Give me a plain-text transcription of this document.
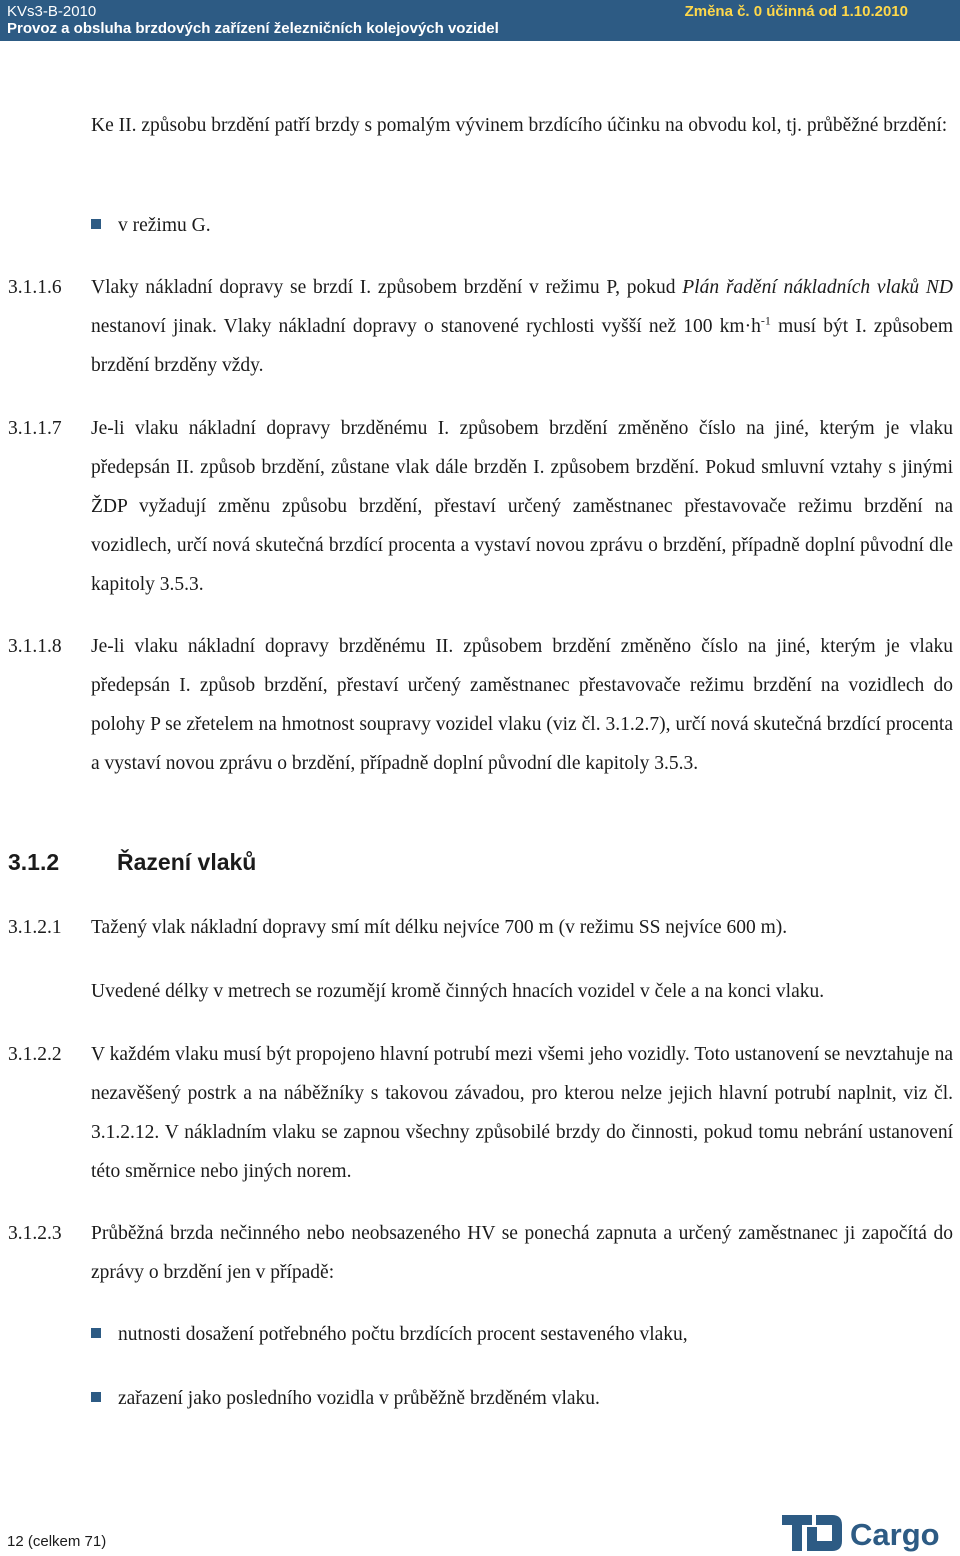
KVs3-B-2010
Provoz a obsluha brzdových zařízení železničních kolejových vozidel
Změna č. 0 účinná od 1.10.2010
Ke II. způsobu brzdění patří brzdy s pomalým vývinem brzdícího účinku na obvodu kol, tj. průběžné brzdění:
v režimu G.
3.1.1.6 Vlaky nákladní dopravy se brzdí I. způsobem brzdění v režimu P, pokud Plán řadění nákladních vlaků ND nestanoví jinak. Vlaky nákladní dopravy o stanovené rychlosti vyšší než 100 $km\cdot h^{-1}$ musí být I. způsobem brzdění brzděny vždy.
3.1.1.7 Je-li vlaku nákladní dopravy brzděnému I. způsobem brzdění změněno číslo na jiné, kterým je vlaku předepsán II. způsob brzdění, zůstane vlak dále brzděn I. způsobem brzdění. Pokud smluvní vztahy s jinými ŽDP vyžadují změnu způsobu brzdění, přestaví určený zaměstnanec přestavovače režimu brzdění na vozidlech, určí nová skutečná brzdící procenta a vystaví novou zprávu o brzdění, případně doplní původní dle kapitoly 3.5.3.
3.1.1.8 Je-li vlaku nákladní dopravy brzděnému II. způsobem brzdění změněno číslo na jiné, kterým je vlaku předepsán I. způsob brzdění, přestaví určený zaměstnanec přestavovače režimu brzdění na vozidlech do polohy P se zřetelem na hmotnost soupravy vozidel vlaku (viz čl. 3.1.2.7), určí nová skutečná brzdící procenta a vystaví novou zprávu o brzdění, případně doplní původní dle kapitoly 3.5.3.
3.1.2	Řazení vlaků
3.1.2.1 Tažený vlak nákladní dopravy smí mít délku nejvíce 700 m (v režimu SS nejvíce 600 m).
Uvedené délky v metrech se rozumějí kromě činných hnacích vozidel v čele a na konci vlaku.
3.1.2.2 V každém vlaku musí být propojeno hlavní potrubí mezi všemi jeho vozidly. Toto ustanovení se nevztahuje na nezavěšený postrk a na náběžníky s takovou závadou, pro kterou nelze jejich hlavní potrubí naplnit, viz čl. 3.1.2.12. V nákladním vlaku se zapnou všechny způsobilé brzdy do činnosti, pokud tomu nebrání ustanovení této směrnice nebo jiných norem.
3.1.2.3 Průběžná brzda nečinného nebo neobsazeného HV se ponechá zapnuta a určený zaměstnanec ji započítá do zprávy o brzdění jen v případě:
nutnosti dosažení potřebného počtu brzdících procent sestaveného vlaku,
zařazení jako posledního vozidla v průběžně brzděném vlaku.
12 (celkem 71)	Cargo
